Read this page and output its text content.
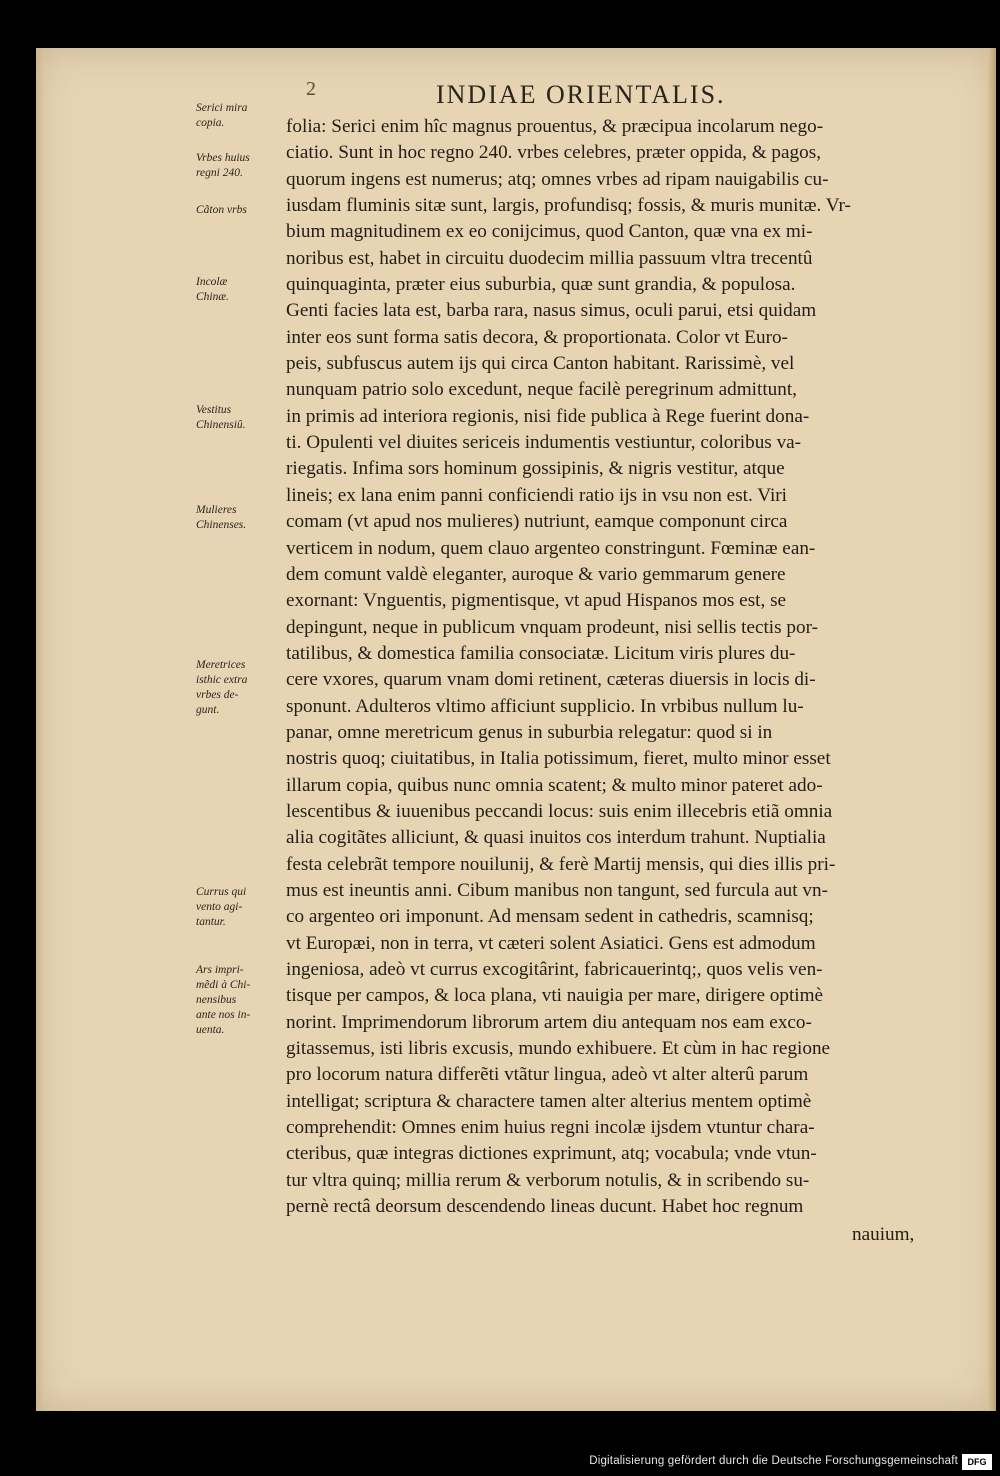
2	INDIAE ORIENTALIS.
folia: Serici enim hîc magnus prouentus, & præcipua incolarum nego-
ciatio. Sunt in hoc regno 240. vrbes celebres, præter oppida, & pagos,
quorum ingens est numerus; atq; omnes vrbes ad ripam nauigabilis cu-
iusdam fluminis sitæ sunt, largis, profundisq; fossis, & muris munitæ. Vr-
bium magnitudinem ex eo conijcimus, quod Canton, quæ vna ex mi-
noribus est, habet in circuitu duodecim millia passuum vltra trecentû
quinquaginta, præter eius suburbia, quæ sunt grandia, & populosa.
Genti facies lata est, barba rara, nasus simus, oculi parui, etsi quidam
inter eos sunt forma satis decora, & proportionata. Color vt Euro-
peis, subfuscus autem ijs qui circa Canton habitant. Rarissimè, vel
nunquam patrio solo excedunt, neque facilè peregrinum admittunt,
in primis ad interiora regionis, nisi fide publica à Rege fuerint dona-
ti. Opulenti vel diuites sericeis indumentis vestiuntur, coloribus va-
riegatis. Infima sors hominum gossipinis, & nigris vestitur, atque
lineis; ex lana enim panni conficiendi ratio ijs in vsu non est. Viri
comam (vt apud nos mulieres) nutriunt, eamque componunt circa
verticem in nodum, quem clauo argenteo constringunt. Fœminæ ean-
dem comunt valdè eleganter, auroque & vario gemmarum genere
exornant: Vnguentis, pigmentisque, vt apud Hispanos mos est, se
depingunt, neque in publicum vnquam prodeunt, nisi sellis tectis por-
tatilibus, & domestica familia consociatæ. Licitum viris plures du-
cere vxores, quarum vnam domi retinent, cæteras diuersis in locis di-
sponunt. Adulteros vltimo afficiunt supplicio. In vrbibus nullum lu-
panar, omne meretricum genus in suburbia relegatur: quod si in
nostris quoq; ciuitatibus, in Italia potissimum, fieret, multo minor esset
illarum copia, quibus nunc omnia scatent; & multo minor pateret ado-
lescentibus & iuuenibus peccandi locus: suis enim illecebris etiã omnia
alia cogitãtes alliciunt, & quasi inuitos cos interdum trahunt. Nuptialia
festa celebrãt tempore nouilunij, & ferè Martij mensis, qui dies illis pri-
mus est ineuntis anni. Cibum manibus non tangunt, sed furcula aut vn-
co argenteo ori imponunt. Ad mensam sedent in cathedris, scamnisq;
vt Europæi, non in terra, vt cæteri solent Asiatici. Gens est admodum
ingeniosa, adeò vt currus excogitârint, fabricauerintq;, quos velis ven-
tisque per campos, & loca plana, vti nauigia per mare, dirigere optimè
norint. Imprimendorum librorum artem diu antequam nos eam exco-
gitassemus, isti libris excusis, mundo exhibuere. Et cùm in hac regione
pro locorum natura differẽti vtãtur lingua, adeò vt alter alterû parum
intelligat; scriptura & charactere tamen alter alterius mentem optimè
comprehendit: Omnes enim huius regni incolæ ijsdem vtuntur chara-
cteribus, quæ integras dictiones exprimunt, atq; vocabula; vnde vtun-
tur vltra quinq; millia rerum & verborum notulis, & in scribendo su-
pernè rectâ deorsum descendendo lineas ducunt. Habet hoc regnum
Serici mira
copia.
Vrbes huius
regni 240.
Cãton vrbs
Incolæ
Chinæ.
Vestitus
Chinensiû.
Mulieres
Chinenses.
Meretrices
isthic extra
vrbes de-
gunt.
Currus qui
vento agi-
tantur.
Ars impri-
mẽdi à Chi-
nensibus
ante nos in-
uenta.
nauium,
Digitalisierung gefördert durch die Deutsche Forschungsgemeinschaft	DFG
